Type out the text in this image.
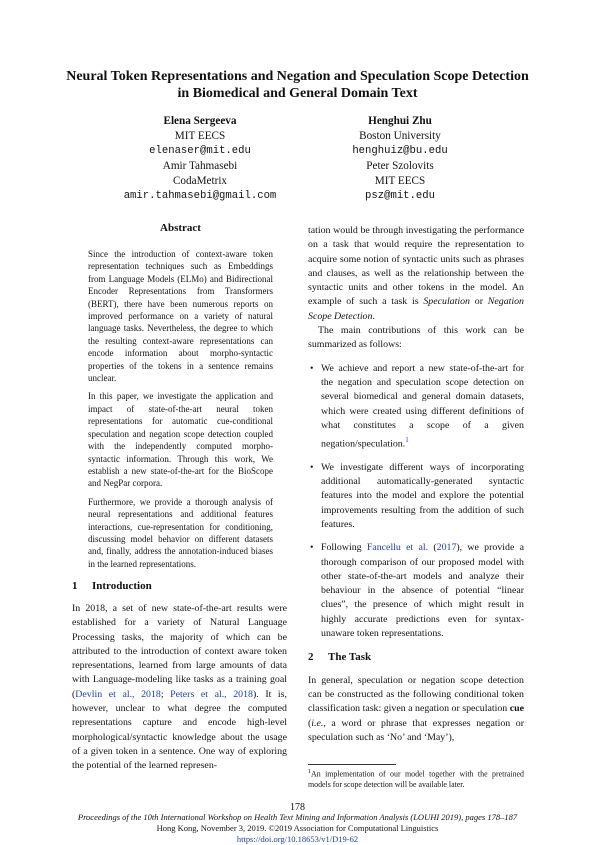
Neural Token Representations and Negation and Speculation Scope Detection in Biomedical and General Domain Text
Elena Sergeeva
MIT EECS
elenaser@mit.edu
Amir Tahmasebi
CodaMetrix
amir.tahmasebi@gmail.com
Henghui Zhu
Boston University
henghuiz@bu.edu
Peter Szolovits
MIT EECS
psz@mit.edu
Abstract

Since the introduction of context-aware token representation techniques such as Embeddings from Language Models (ELMo) and Bidirectional Encoder Representations from Transformers (BERT), there have been numerous reports on improved performance on a variety of natural language tasks. Nevertheless, the degree to which the resulting context-aware representations can encode information about morpho-syntactic properties of the tokens in a sentence remains unclear.

In this paper, we investigate the application and impact of state-of-the-art neural token representations for automatic cue-conditional speculation and negation scope detection coupled with the independently computed morpho-syntactic information. Through this work, We establish a new state-of-the-art for the BioScope and NegPar corpora.

Furthermore, we provide a thorough analysis of neural representations and additional features interactions, cue-representation for conditioning, discussing model behavior on different datasets and, finally, address the annotation-induced biases in the learned representations.

1 Introduction

In 2018, a set of new state-of-the-art results were established for a variety of Natural Language Processing tasks, the majority of which can be attributed to the introduction of context aware token representations, learned from large amounts of data with Language-modeling like tasks as a training goal (Devlin et al., 2018; Peters et al., 2018). It is, however, unclear to what degree the computed representations capture and encode high-level morphological/syntactic knowledge about the usage of a given token in a sentence. One way of exploring the potential of the learned represen-

tation would be through investigating the performance on a task that would require the representation to acquire some notion of syntactic units such as phrases and clauses, as well as the relationship between the syntactic units and other tokens in the model. An example of such a task is Speculation or Negation Scope Detection.

The main contributions of this work can be summarized as follows:

• We achieve and report a new state-of-the-art for the negation and speculation scope detection on several biomedical and general domain datasets, which were created using different definitions of what constitutes a scope of a given negation/speculation.$^1$
• We investigate different ways of incorporating additional automatically-generated syntactic features into the model and explore the potential improvements resulting from the addition of such features.
• Following Fancellu et al. (2017), we provide a thorough comparison of our proposed model with other state-of-the-art models and analyze their behaviour in the absence of potential “linear clues”, the presence of which might result in highly accurate predictions even for syntax-unaware token representations.
2 The Task

In general, speculation or negation scope detection can be constructed as the following conditional token classification task: given a negation or speculation cue (i.e., a word or phrase that expresses negation or speculation such as ‘No’ and ‘May’),

$^1$An implementation of our model together with the pretrained models for scope detection will be available later.
178
Proceedings of the 10th International Workshop on Health Text Mining and Information Analysis (LOUHI 2019), pages 178–187
Hong Kong, November 3, 2019. ©2019 Association for Computational Linguistics
https://doi.org/10.18653/v1/D19-62
